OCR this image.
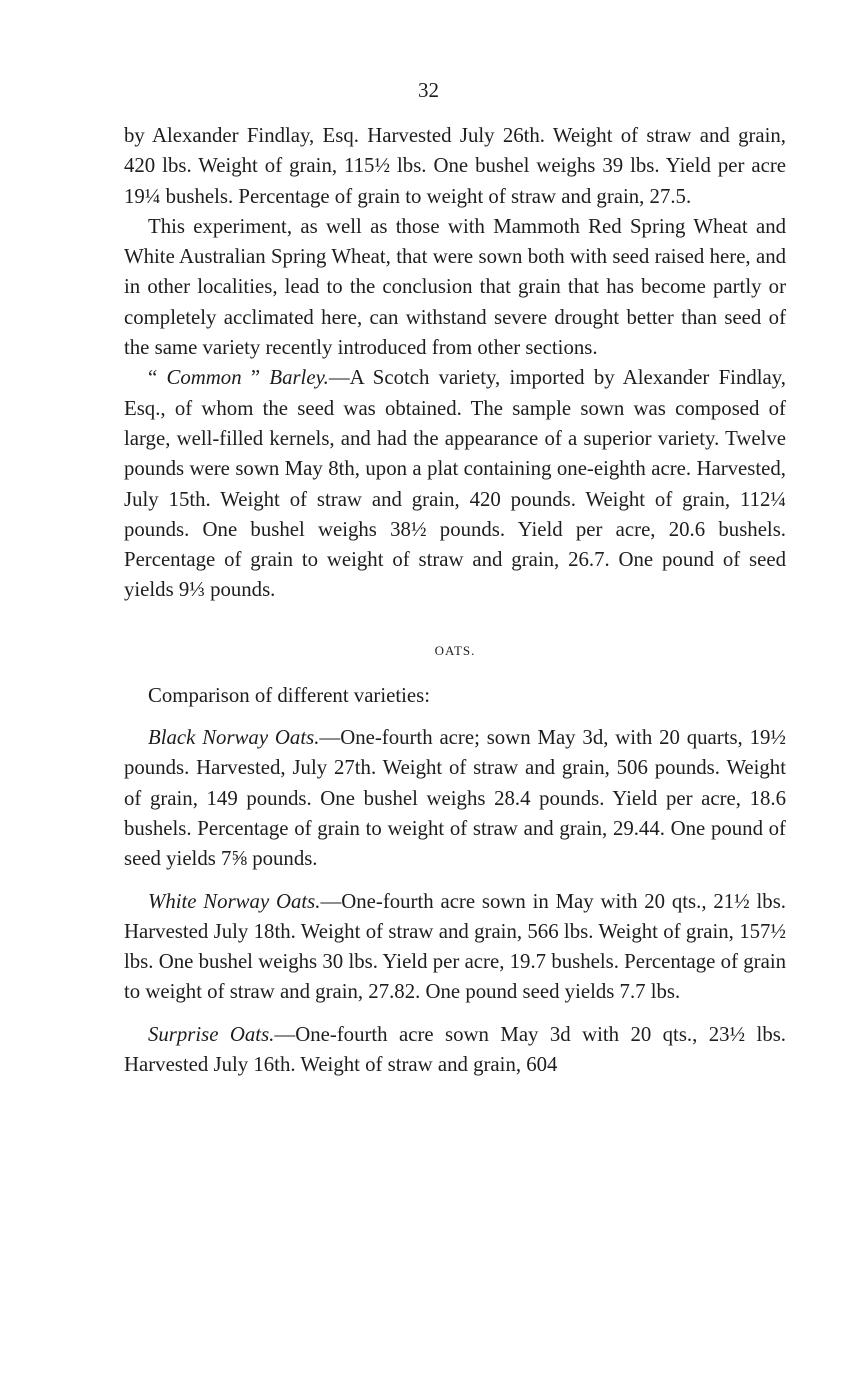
32

by Alexander Findlay, Esq. Harvested July 26th. Weight of straw and grain, 420 lbs. Weight of grain, 115½ lbs. One bushel weighs 39 lbs. Yield per acre 19¼ bushels. Percentage of grain to weight of straw and grain, 27.5.

This experiment, as well as those with Mammoth Red Spring Wheat and White Australian Spring Wheat, that were sown both with seed raised here, and in other localities, lead to the conclusion that grain that has become partly or completely acclimated here, can withstand severe drought better than seed of the same variety recently introduced from other sections.

“ Common ” Barley.—A Scotch variety, imported by Alexander Findlay, Esq., of whom the seed was obtained. The sample sown was composed of large, well-filled kernels, and had the appearance of a superior variety. Twelve pounds were sown May 8th, upon a plat containing one-eighth acre. Harvested, July 15th. Weight of straw and grain, 420 pounds. Weight of grain, 112¼ pounds. One bushel weighs 38½ pounds. Yield per acre, 20.6 bushels. Percentage of grain to weight of straw and grain, 26.7. One pound of seed yields 9⅓ pounds.

OATS.

Comparison of different varieties:

Black Norway Oats.—One-fourth acre; sown May 3d, with 20 quarts, 19½ pounds. Harvested, July 27th. Weight of straw and grain, 506 pounds. Weight of grain, 149 pounds. One bushel weighs 28.4 pounds. Yield per acre, 18.6 bushels. Percentage of grain to weight of straw and grain, 29.44. One pound of seed yields 7⅝ pounds.

White Norway Oats.—One-fourth acre sown in May with 20 qts., 21½ lbs. Harvested July 18th. Weight of straw and grain, 566 lbs. Weight of grain, 157½ lbs. One bushel weighs 30 lbs. Yield per acre, 19.7 bushels. Percentage of grain to weight of straw and grain, 27.82. One pound seed yields 7.7 lbs.

Surprise Oats.—One-fourth acre sown May 3d with 20 qts., 23½ lbs. Harvested July 16th. Weight of straw and grain, 604
